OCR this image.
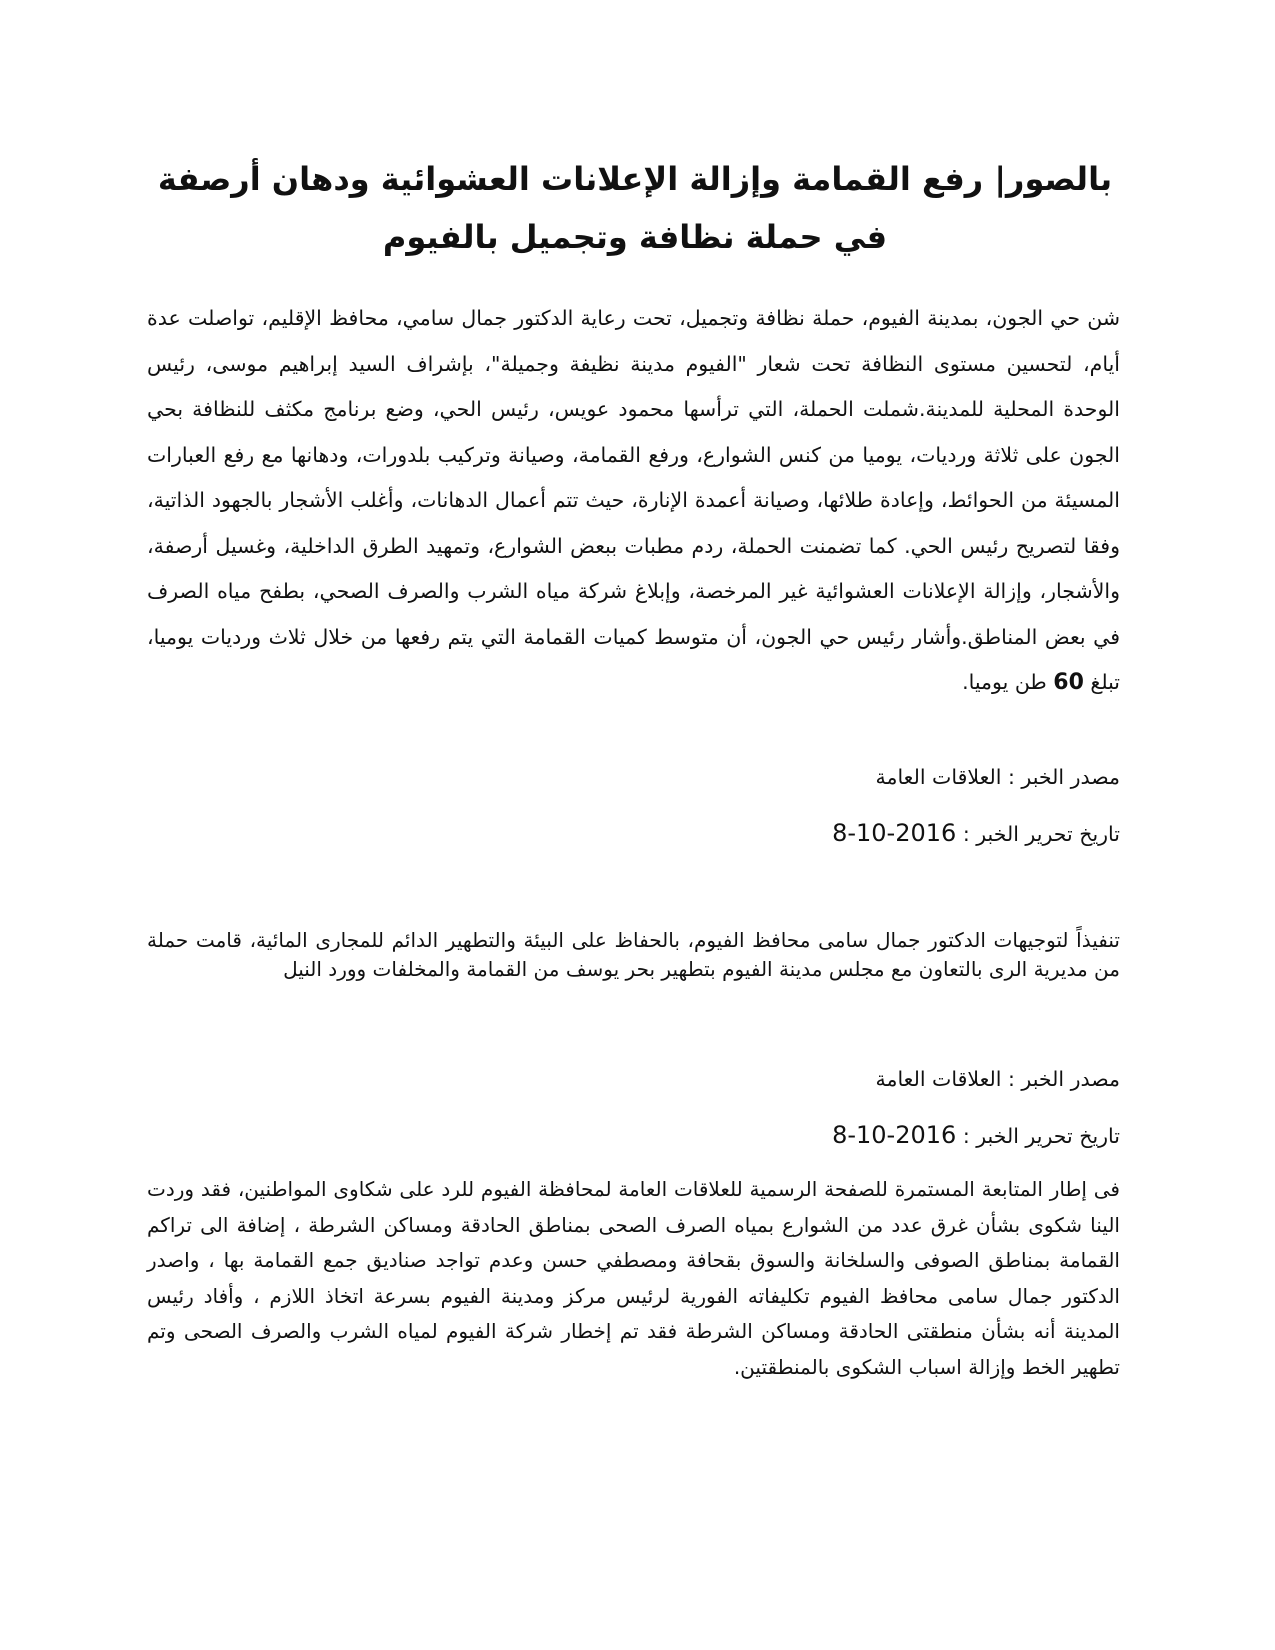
بالصور| رفع القمامة وإزالة الإعلانات العشوائية ودهان أرصفة في حملة نظافة وتجميل بالفيوم

شن حي الجون، بمدينة الفيوم، حملة نظافة وتجميل، تحت رعاية الدكتور جمال سامي، محافظ الإقليم، تواصلت عدة أيام، لتحسين مستوى النظافة تحت شعار "الفيوم مدينة نظيفة وجميلة"، بإشراف السيد إبراهيم موسى، رئيس الوحدة المحلية للمدينة.شملت الحملة، التي ترأسها محمود عويس، رئيس الحي، وضع برنامج مكثف للنظافة بحي الجون على ثلاثة ورديات، يوميا من كنس الشوارع، ورفع القمامة، وصيانة وتركيب بلدورات، ودهانها مع رفع العبارات المسيئة من الحوائط، وإعادة طلائها، وصيانة أعمدة الإنارة، حيث تتم أعمال الدهانات، وأغلب الأشجار بالجهود الذاتية، وفقا لتصريح رئيس الحي. كما تضمنت الحملة، ردم مطبات ببعض الشوارع، وتمهيد الطرق الداخلية، وغسيل أرصفة، والأشجار، وإزالة الإعلانات العشوائية غير المرخصة، وإبلاغ شركة مياه الشرب والصرف الصحي، بطفح مياه الصرف في بعض المناطق.وأشار رئيس حي الجون، أن متوسط كميات القمامة التي يتم رفعها من خلال ثلاث ورديات يوميا، تبلغ 60 طن يوميا.

مصدر الخبر : العلاقات العامة

تاريخ تحرير الخبر : 8-10-2016

تنفيذاً لتوجيهات الدكتور جمال سامى محافظ الفيوم، بالحفاظ على البيئة والتطهير الدائم للمجارى المائية، قامت حملة من مديرية الرى بالتعاون مع مجلس مدينة الفيوم بتطهير بحر يوسف من القمامة والمخلفات وورد النيل

مصدر الخبر : العلاقات العامة

تاريخ تحرير الخبر : 8-10-2016

فى إطار المتابعة المستمرة للصفحة الرسمية للعلاقات العامة لمحافظة الفيوم للرد على شكاوى المواطنين، فقد وردت الينا شكوى بشأن غرق عدد من الشوارع بمياه الصرف الصحى بمناطق الحادقة ومساكن الشرطة ، إضافة الى تراكم القمامة بمناطق الصوفى والسلخانة والسوق بقحافة ومصطفي حسن وعدم تواجد صناديق جمع القمامة بها ، واصدر الدكتور جمال سامى محافظ الفيوم تكليفاته الفورية لرئيس مركز ومدينة الفيوم بسرعة اتخاذ اللازم ، وأفاد رئيس المدينة أنه بشأن منطقتى الحادقة ومساكن الشرطة فقد تم إخطار شركة الفيوم لمياه الشرب والصرف الصحى وتم تطهير الخط وإزالة اسباب الشكوى بالمنطقتين.
